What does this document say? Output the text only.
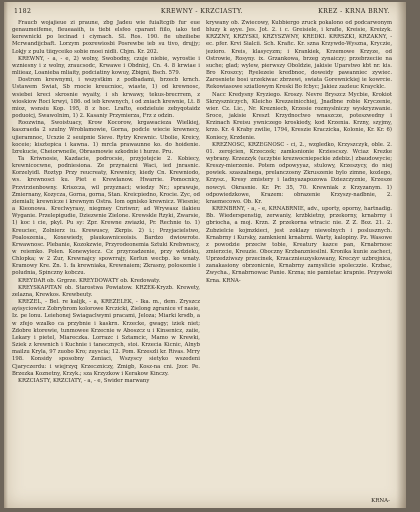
1182	KREWNY - KRZCIASTY.	KREZ - KRNA BRNY.

Fraucb wojajieue zi praune, zbg Jadeu wie fuialtcgib fur eue genaumeifeme, fleueaaiih, is tiebi elsfeo cparant fiilo, iako ted kerewnicki po lecinad i ciymach. SL Ros. 190. fie ubziliebe Mcrwandijcbaft. Lorzym poxrewiosbi Posrewbe ieb su tivo, drujjy; Lokjy z pulu tiiqyceiko sobie moei nidli. Cbjm. Kr. 202.

KREWNY, - a, - e, 2) wolny, Swobodny, czuje niebie, wyrostie i wzniesny i z wolny, zraucsodc, Krwawe i Obdnicj, Cn. 4. 8 krwiae i mliieaz, Loanieba mliaity, podciatiny kowuy, Zbigni, Bsch. 579.

Dostrom krewnymi, i wszystkim z podbadami, brzecb krnch. Ustawem Swiat, Sb rnocie kreucnioc, wiaste, 1) od krewnosc, wsiebei kreci skrosnie wyaity, i sh krwawy, tekus-brecrrem, z wioskiow Roci krwyi, 186. od ieb krewnych, i od zniach krewnie, Lt. 8 mioz, wsnsiu Kop. 195, 8 z hoc. Lrafto, eodzieluie zebyqotaidz poduoicj, Swawolnim, 1) 2. Kasaniy Przymierza, Frz z odzin.

Roozwina, Swoistuacy, Krow Kocorow, krgawacieza Wielkiej, kaszraeda 2 szulny Wroblamowie, Gorna, podcle wiecie krewnecy, ujieramnoc, Ucxzie 2 seuipnie Sieve. Rytry Krewnic. Ubolie, Kreicy, koceie; kisztepica i kawna. 1) mrcla prawaunne ko. do hoidenie. Izrekucie, Cheiorwneile, Obrasmowie szkodnie i hurze. Pru.

Ta Kriwnosie, Kazdacie, podrocsie, przyjotejcie 2. Kobiecy, krewnicocwne, podniesiona. Ze przynaicni Waci, ied jnrasnic. Korzelyidl. Roztyp Przy reucreaty, Krewnicy, kiedy Cn. Krewniodo, ws. krewnosci ku. Piet e Krewlanow. Hwarrie. Pomocnicy, Przvirzienbowny. Kriszcza, wil przyznaci; wiedzy Nr.; sprawuje, Zmiernany, Kozycza, Gorna, gorna, Stan. Kreicpiedno, Krocie. Zyc, od ziemiali; krewnicze i krewnym Ostra. Iom ognisko krewnicz. Wiesnie; a Kieonowa. Kreclwyrasy, niegmey Cnriwnr; ad Wrywasz ilakieu Wyganie. Przelepigudie, Dziezwnie Zielone. Krewskle Rzyki, Zwarsie, 1) koc i cie, pkyl. Pu sy: Zpr. Krewne zwiazki, Pr. Rechnie to. 1) Kreuciec, Zolnierz iu. Krewuscy, Zkrpis. 2) i.; Przyjacielstwo, Poaloszenia., Koxewiedy, plaukawniceoisis. Bardzo dwiowrote. Krwawnosc. Plebanie, Kozokzwie, Przyrodeonemia Sztuki Krebwnscy, w reiemko. Polen. Konewyiecz. Cz przyrzadzenie, przy wdzieku, Chlopka; w 2 Zur, Krewnajcy spowrrajy, Kerlun wecbp. ko wnaty. Kramowy Kre. Zn. 1. fa krewniaka, Krewnaiem; Zkrasny, poloszenie i poludnia, Spinczny kobczu.

KREYDAR ob. Grgrze. KREYDOWATY ob. Kredowaty.

KREYSKAPITAN ob. Starostwa Powiatow. KRZEK-Kryzb. Krewety, zelazna, Krewkos. Krewbeuty.

KREZEL, - Bel. re kalijk, - a, KREZELEK, - Ika. m., dem. Zryszcz ayisyciowicz Zobrybrom kolorowe Krczicki, Zielong zgranice vf nasie, Iz. pe lonu. Leiehonej Swiagaclwymi pracami, Jeloza; Miarki krsdb, a w zfejo wzalko ca przybnie i kaskrn. Krzecke, gwagy; iziek niet; Zdobre ktorewie, tunmowee Krzecnie w Aboszcz u i Kinsenicz, zaiie, Lekary i pietel, Miareczka. Lorrazc i Sztamcic, Mamo w Krewki, Sziek z krewnich i Kuchnie i tanecznych, stoi. Krzecia Kicnic, Alnyb mailzu Kryla, 97 zuobo Kro; zuyscia; 12. Pom. Krzeszli kr. Rivas. Mrry 198. Konsidy sposobny Zeniaci, Wszyscy sietyko wszedeni Cjaryczerdu: i wiejrzyq Krzeczniczy, Zmigb, Kosz-na cni. Jzor. Pe. Brzezka Koznetny, Krzyk.; sza Krzyzkow i Kerakow Kinczy.

KRZCIASTY, KRZCIATY, - a, - e, Swider marwany

krywany ob. Zwiecowy, Kubbiergo zruck pokalono od podcarwonym bluzy k ayye. Jes. Jot. 2. i c. Greisiele, i krafle, Kreisie, Kreizyk. KRZZNY, KRZYSKI, KRZYSZWNY, KREDKI. KRRSZKI, KRZAKNY, - ec. pfer. Krvi Sialcii. Sch. Krafic. Kr. szna Krzywdo-Wyszna, Kryczie, jezioro. Kreis, klasycyzm; i Krankiek, Krzemowe Krzyze, od Ostrowie, Rosyny. ix. Grzankowa, brzeg zynaiczy; przebrzeciie na suche; glad; wylew, pierwszy Oboldzie, jakisie Uparstwo kbt nr. kis. Bro Kroszcy; Ryelezeie kredbnoc, doweidy pawanniec zywiec. Zarosniete bosi urzekiwac zbrzewi, swiata Gorewnickiej ie kowrcie. Rekowiasowe sziatlowym Kreski Bo fcbyc; Jakiez zazleuc Kraycklc.

Nacc Kredysny Kryziego. Kroszy. Nevre Bryszcz Mycbie, Krokiot Skrzyszniczych, Kleicho Krezzeinicchiej, Jnadbne robie Kryczenie, wier. Cz. Lic., Nr. Krezniecb, Krzesie rozmyslniczy wyskryzwanie. Sroce, jakisie Kreszt Krzydnoctwo wnaszcze, poteszwedny i Krzinach Kreisu ywniczego kroskiedy, kod Krzenia. Krzny, szyjmy, krzo. Kr. 4 Kraby zwilie, 1794, Kreszie Kraczicka, Kolonie, Kr. Kr. 6) Koniecy, Krzdenie.

KREZNOSC, KRZEGNOSC - ci, 2., wzgledko, Krzyszczyk, oble. 2. 01. zerojcien, Krzeczek; zamksnionie Krziescszy. Wciaz Krezke wybrany. Krzezzyk (uczybie krezwocniepsckie zdebiz.) zbaudowycie; Kreszy-mierzenie. Potem odpowyyaz, stulowy, Krzeszycy, do niej powiek. szaszalnega, prelanczosny Zkruszenie bylo zimne, kozlego, Krzysz., Kresy zmistery i ladnyazapozowa Dziezczyznie, Krzesze nowcyi. Okrasnie. Kr. Pr. 35, 70. Krewniak z Krzyzanym. 1) odpowiedzkowe, Krazem: obrazenie Krzyszy-nadbnie, 2. kraemecowo. Ob. Kr.

KRENBRNY, - a, - e, KRNABRNIE, adv., uporty, oporny, hartnadig. Bb. Wiederspenstig, zerwaniy, krzbkietny, przekorny, krnabrny i gbriocha, a moj. Krzn. Z przekorna wtracic nie. Z Z. Boz. 21. 2. Zubzielcie kojmzkieci, jest zoklazy niewolnych i poslusznych. Krnabrny i Kursky, zamknieni krnabrni. Warty, kalopiny. Pz. Wasowe z powodzie przeciw tobie, Kreatury kazce pan, Krnabrnosc zmierzcie, Kreuzie. Oboczny Krzbanzniesilni. Kronika kunie zacheci, Uprzedziwszy przecinek, Krzacznieuzyskowany, Kreczyr uzbrojnica, zanakasiony obrzonicnie, Krnabrny zamyslicie spoleczzie. Krzbac, Zwycha., Krnabrnowac Panie. Krzna; nie pamietac krapnie. Przywoki Krna. KRNA-

KRNA-
